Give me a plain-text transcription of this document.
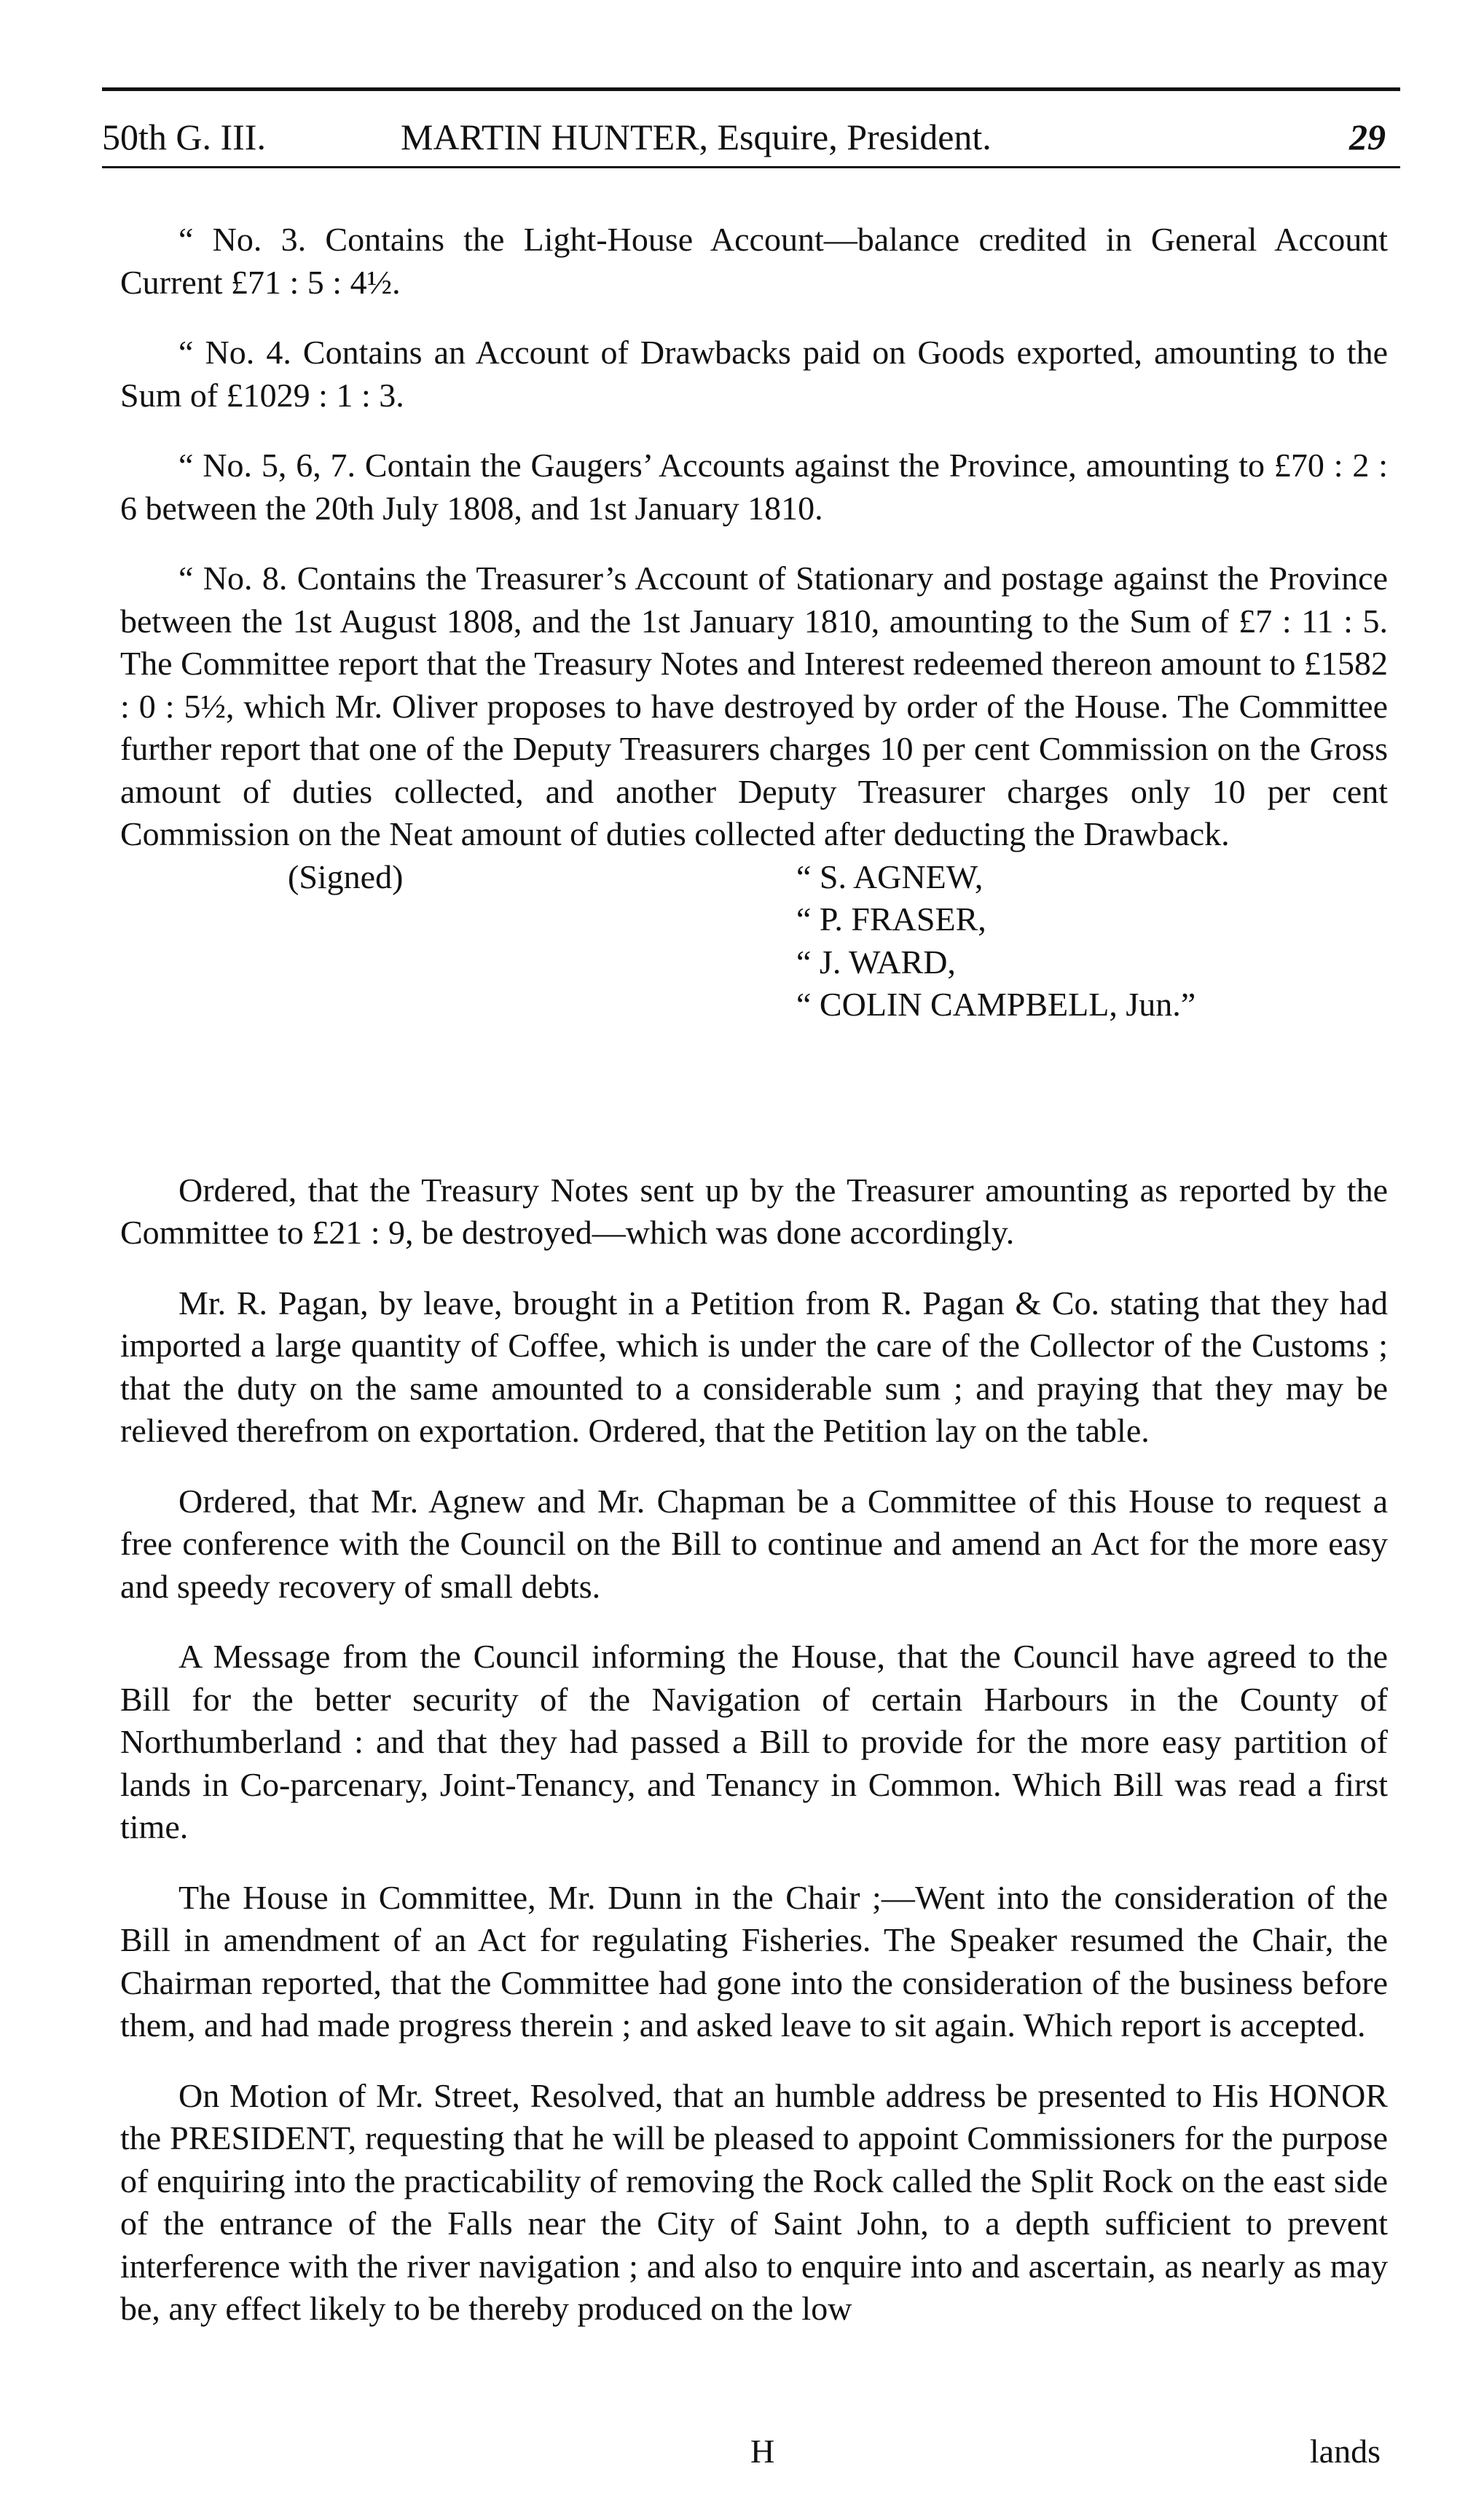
50th G. III.	MARTIN HUNTER, Esquire, President.	29

“ No. 3. Contains the Light-House Account—balance credited in General Account Current £71 : 5 : 4½.

“ No. 4. Contains an Account of Drawbacks paid on Goods exported, amounting to the Sum of £1029 : 1 : 3.

“ No. 5, 6, 7. Contain the Gaugers’ Accounts against the Province, amounting to £70 : 2 : 6 between the 20th July 1808, and 1st January 1810.

“ No. 8. Contains the Treasurer’s Account of Stationary and postage against the Province between the 1st August 1808, and the 1st January 1810, amounting to the Sum of £7 : 11 : 5. The Committee report that the Treasury Notes and Interest redeemed thereon amount to £1582 : 0 : 5½, which Mr. Oliver proposes to have destroyed by order of the House. The Committee further report that one of the Deputy Treasurers charges 10 per cent Commission on the Gross amount of duties collected, and another Deputy Treasurer charges only 10 per cent Commission on the Neat amount of duties collected after deducting the Drawback.

(Signed)	“ S. AGNEW,
“ P. FRASER,
“ J. WARD,
“ COLIN CAMPBELL, Jun.”

Ordered, that the Treasury Notes sent up by the Treasurer amounting as reported by the Committee to £21 : 9, be destroyed—which was done accordingly.

Mr. R. Pagan, by leave, brought in a Petition from R. Pagan & Co. stating that they had imported a large quantity of Coffee, which is under the care of the Collector of the Customs ; that the duty on the same amounted to a considerable sum ; and praying that they may be relieved therefrom on exportation. Ordered, that the Petition lay on the table.

Ordered, that Mr. Agnew and Mr. Chapman be a Committee of this House to request a free conference with the Council on the Bill to continue and amend an Act for the more easy and speedy recovery of small debts.

A Message from the Council informing the House, that the Council have agreed to the Bill for the better security of the Navigation of certain Harbours in the County of Northumberland : and that they had passed a Bill to provide for the more easy partition of lands in Co-parcenary, Joint-Tenancy, and Tenancy in Common. Which Bill was read a first time.

The House in Committee, Mr. Dunn in the Chair ;—Went into the consideration of the Bill in amendment of an Act for regulating Fisheries. The Speaker resumed the Chair, the Chairman reported, that the Committee had gone into the consideration of the business before them, and had made progress therein ; and asked leave to sit again. Which report is accepted.

On Motion of Mr. Street, Resolved, that an humble address be presented to His HONOR the PRESIDENT, requesting that he will be pleased to appoint Commissioners for the purpose of enquiring into the practicability of removing the Rock called the Split Rock on the east side of the entrance of the Falls near the City of Saint John, to a depth sufficient to prevent interference with the river navigation ; and also to enquire into and ascertain, as nearly as may be, any effect likely to be thereby produced on the low

H	lands
